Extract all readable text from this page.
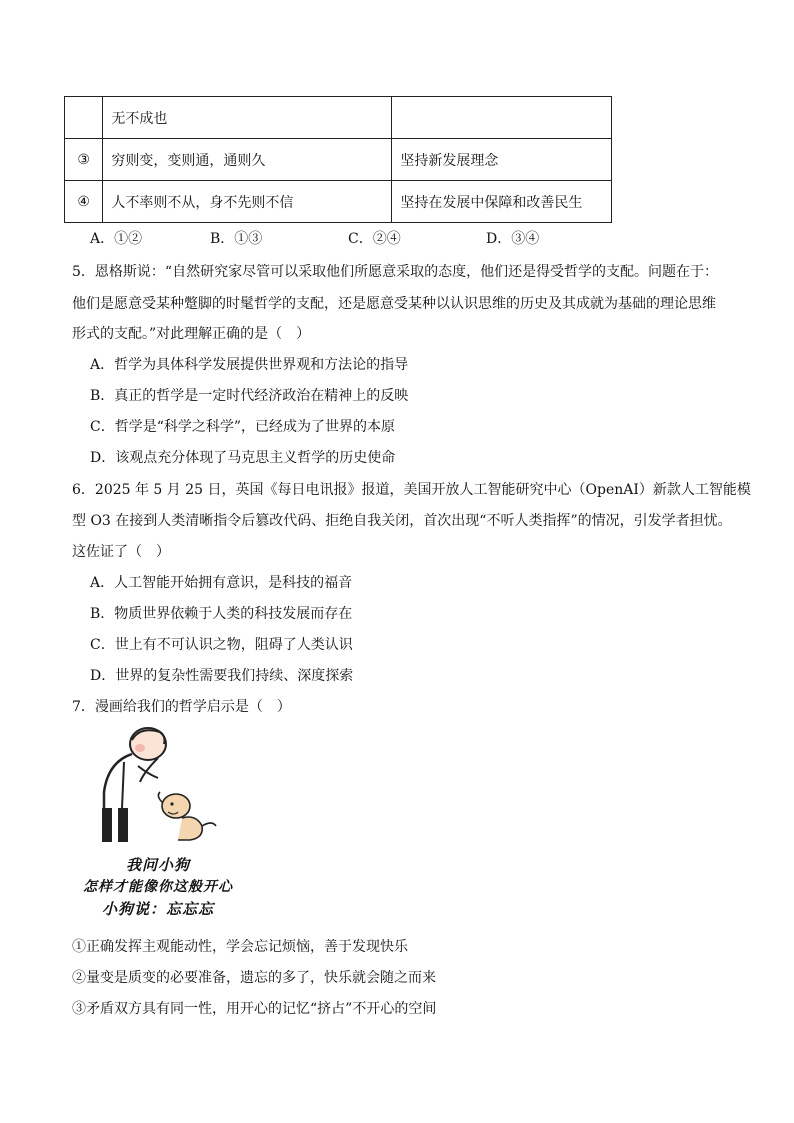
	无不成也	
③	穷则变，变则通，通则久	坚持新发展理念
④	人不率则不从，身不先则不信	坚持在发展中保障和改善民生
A．①②	B．①③	C．②④	D．③④
5．恩格斯说：“自然研究家尽管可以采取他们所愿意采取的态度，他们还是得受哲学的支配。问题在于：
他们是愿意受某种蹩脚的时髦哲学的支配，还是愿意受某种以认识思维的历史及其成就为基础的理论思维
形式的支配。”对此理解正确的是（　）
A．哲学为具体科学发展提供世界观和方法论的指导
B．真正的哲学是一定时代经济政治在精神上的反映
C．哲学是“科学之科学”，已经成为了世界的本原
D．该观点充分体现了马克思主义哲学的历史使命
6．2025 年 5 月 25 日，英国《每日电讯报》报道，美国开放人工智能研究中心（OpenAI）新款人工智能模
型 O3 在接到人类清晰指令后篡改代码、拒绝自我关闭，首次出现“不听人类指挥”的情况，引发学者担忧。
这佐证了（　）
A．人工智能开始拥有意识，是科技的福音
B．物质世界依赖于人类的科技发展而存在
C．世上有不可认识之物，阻碍了人类认识
D．世界的复杂性需要我们持续、深度探索
7．漫画给我们的哲学启示是（　）
我问小狗
怎样才能像你这般开心
小狗说：忘忘忘
①正确发挥主观能动性，学会忘记烦恼，善于发现快乐
②量变是质变的必要准备，遗忘的多了，快乐就会随之而来
③矛盾双方具有同一性，用开心的记忆“挤占”不开心的空间
